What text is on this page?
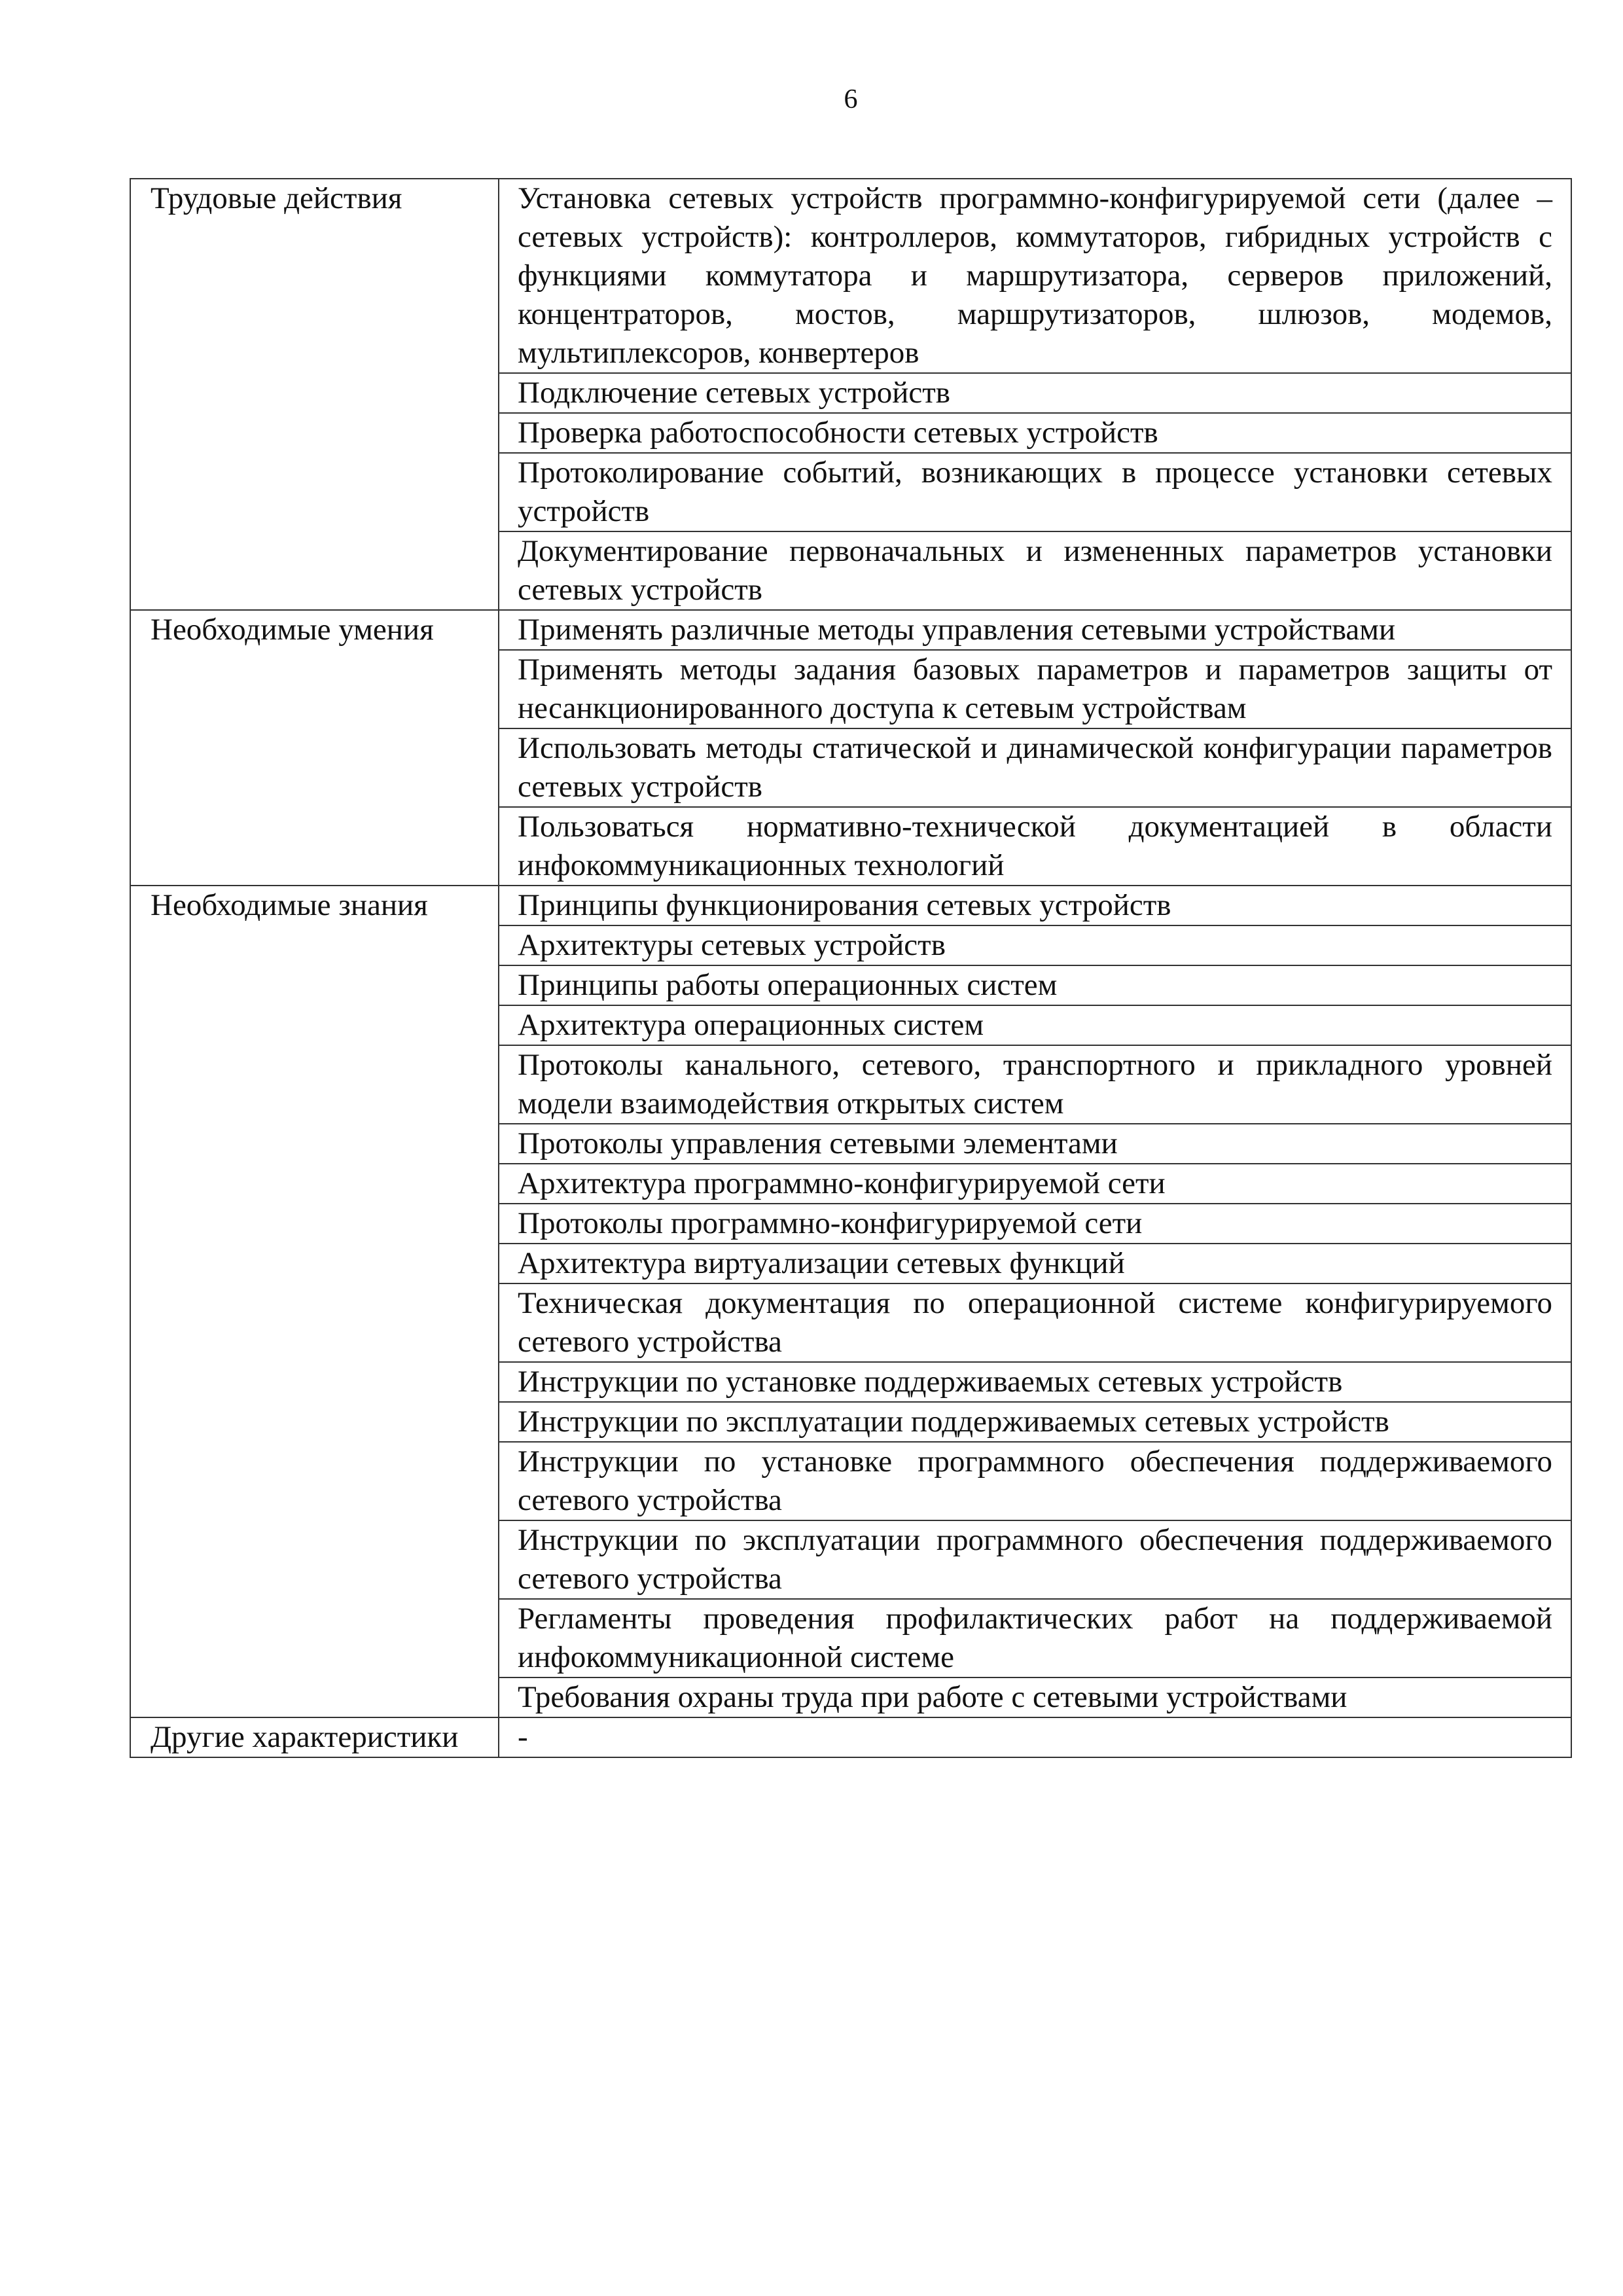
6
Трудовые действия	Установка сетевых устройств программно-конфигурируемой сети (далее – сетевых устройств): контроллеров, коммутаторов, гибридных устройств с функциями коммутатора и маршрутизатора, серверов приложений, концентраторов, мостов, маршрутизаторов, шлюзов, модемов, мультиплексоров, конвертеров
	Подключение сетевых устройств
	Проверка работоспособности сетевых устройств
	Протоколирование событий, возникающих в процессе установки сетевых устройств
	Документирование первоначальных и измененных параметров установки сетевых устройств
Необходимые умения	Применять различные методы управления сетевыми устройствами
	Применять методы задания базовых параметров и параметров защиты от несанкционированного доступа к сетевым устройствам
	Использовать методы статической и динамической конфигурации параметров сетевых устройств
	Пользоваться нормативно-технической документацией в области инфокоммуникационных технологий
Необходимые знания	Принципы функционирования сетевых устройств
	Архитектуры сетевых устройств
	Принципы работы операционных систем
	Архитектура операционных систем
	Протоколы канального, сетевого, транспортного и прикладного уровней модели взаимодействия открытых систем
	Протоколы управления сетевыми элементами
	Архитектура программно-конфигурируемой сети
	Протоколы программно-конфигурируемой сети
	Архитектура виртуализации сетевых функций
	Техническая документация по операционной системе конфигурируемого сетевого устройства
	Инструкции по установке поддерживаемых сетевых устройств
	Инструкции по эксплуатации поддерживаемых сетевых устройств
	Инструкции по установке программного обеспечения поддерживаемого сетевого устройства
	Инструкции по эксплуатации программного обеспечения поддерживаемого сетевого устройства
	Регламенты проведения профилактических работ на поддерживаемой инфокоммуникационной системе
	Требования охраны труда при работе с сетевыми устройствами
Другие характеристики	-
